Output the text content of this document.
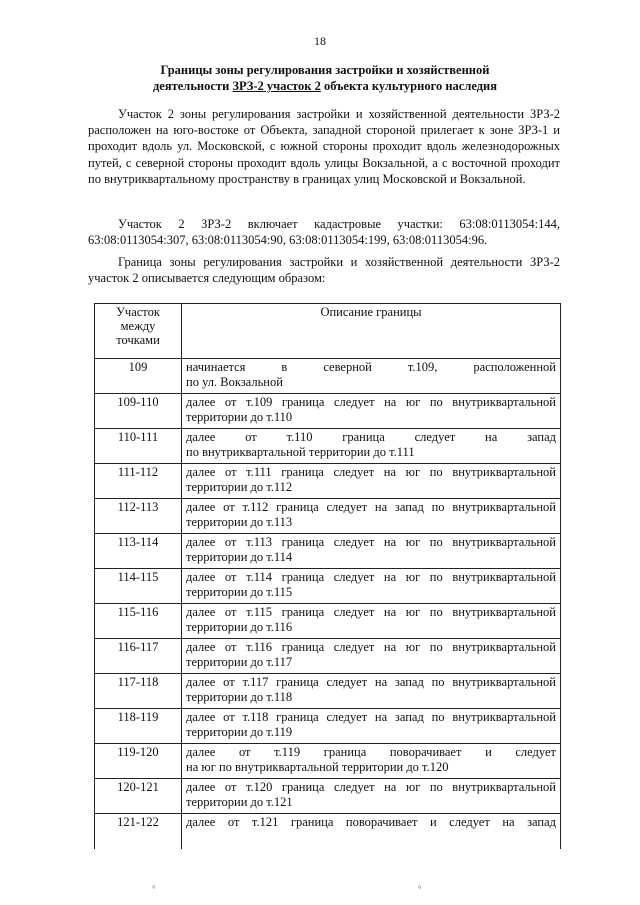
18
Границы зоны регулирования застройки и хозяйственной
деятельности ЗРЗ-2 участок 2 объекта культурного наследия

Участок 2 зоны регулирования застройки и хозяйственной деятельности ЗРЗ-2 расположен на юго-востоке от Объекта, западной стороной прилегает к зоне ЗРЗ-1 и проходит вдоль ул. Московской, с южной стороны проходит вдоль железнодорожных путей, с северной стороны проходит вдоль улицы Вокзальной, а с восточной проходит по внутриквартальному пространству в границах улиц Московской и Вокзальной.

Участок 2 ЗРЗ-2 включает кадастровые участки: 63:08:0113054:144, 63:08:0113054:307, 63:08:0113054:90, 63:08:0113054:199, 63:08:0113054:96.

Граница зоны регулирования застройки и хозяйственной деятельности ЗРЗ-2 участок 2 описывается следующим образом:

Участок между точками	Описание границы
109	начинается в северной т.109, расположенной
по ул. Вокзальной

109-110	далее от т.109 граница следует на юг по внутриквартальной
территории до т.110

110-111	далее от т.110 граница следует на запад
по внутриквартальной территории до т.111

111-112	далее от т.111 граница следует на юг по внутриквартальной
территории до т.112

112-113	далее от т.112 граница следует на запад по внутриквартальной
территории до т.113

113-114	далее от т.113 граница следует на юг по внутриквартальной
территории до т.114

114-115	далее от т.114 граница следует на юг по внутриквартальной
территории до т.115

115-116	далее от т.115 граница следует на юг по внутриквартальной
территории до т.116

116-117	далее от т.116 граница следует на юг по внутриквартальной
территории до т.117

117-118	далее от т.117 граница следует на запад по внутриквартальной
территории до т.118

118-119	далее от т.118 граница следует на запад по внутриквартальной
территории до т.119

119-120	далее от т.119 граница поворачивает и следует
на юг по внутриквартальной территории до т.120

120-121	далее от т.120 граница следует на юг по внутриквартальной
территории до т.121

121-122	далее от т.121 граница поворачивает и следует на запад
°	°
